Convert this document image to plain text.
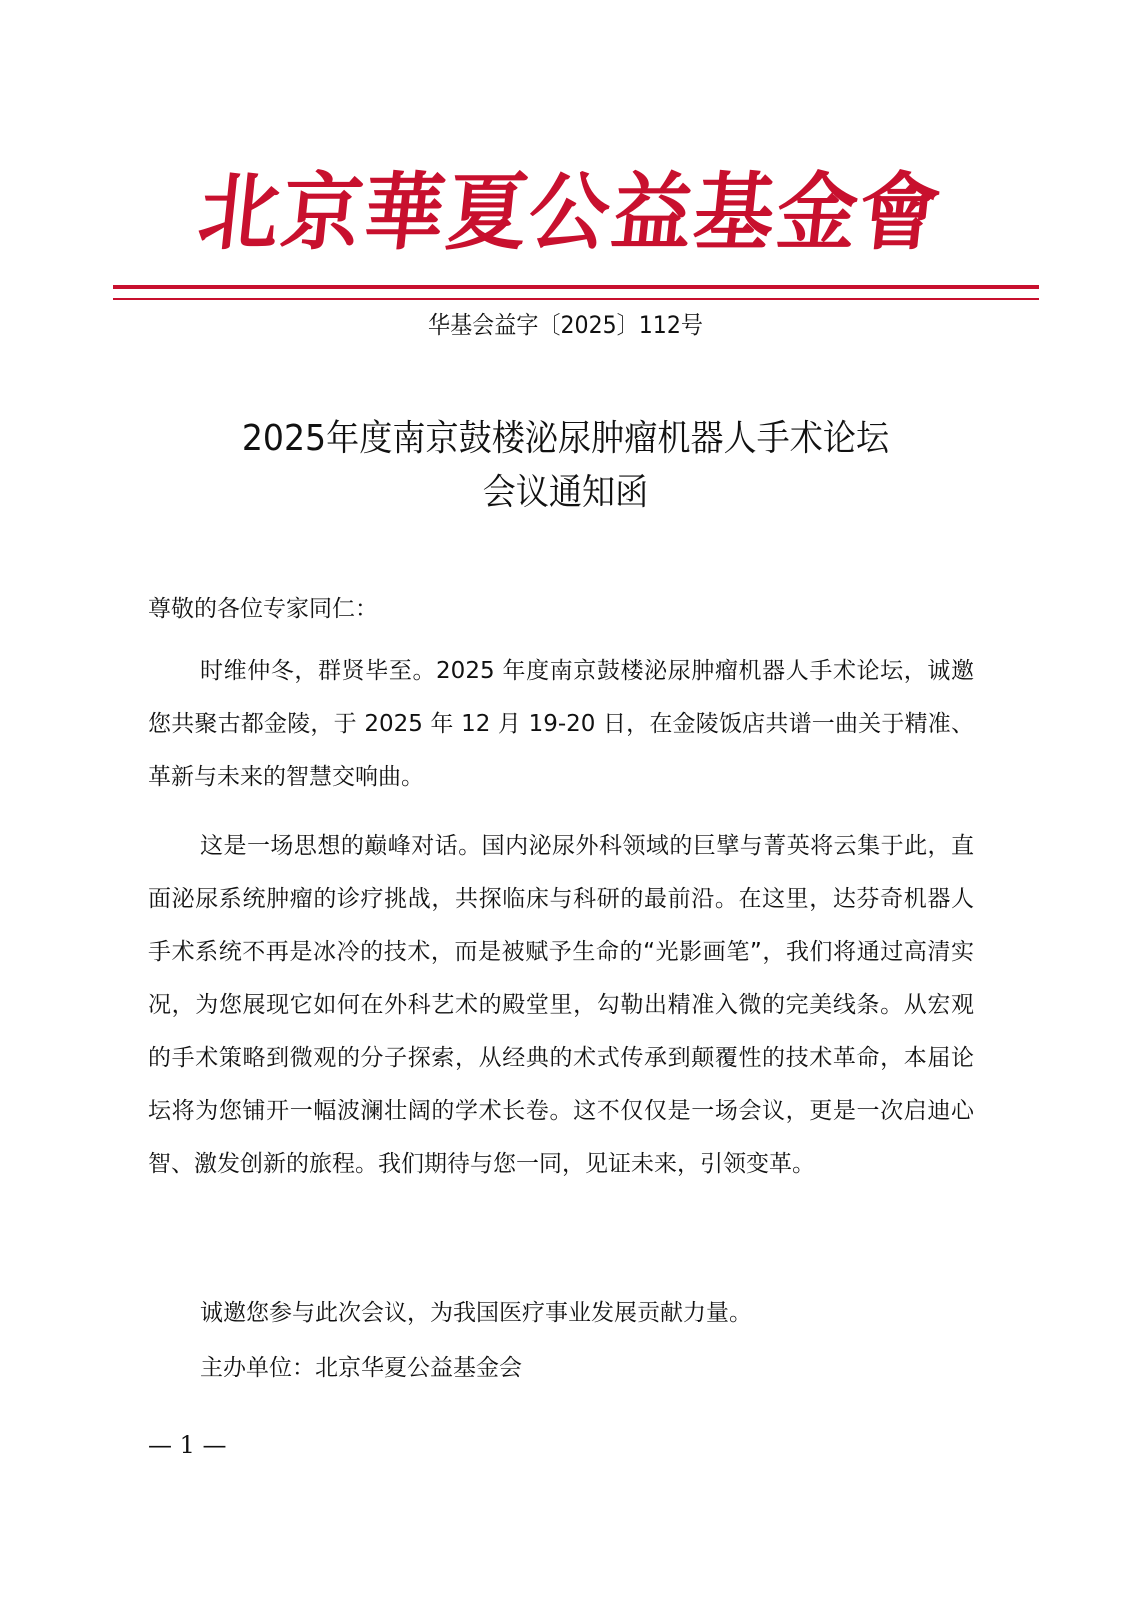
北
京
華
夏
公
益
基
金
會
华基会益字〔2025〕112号
2025年度南京鼓楼泌尿肿瘤机器人手术论坛
会议通知函
尊敬的各位专家同仁：
时维仲冬，群贤毕至。2025 年度南京鼓楼泌尿肿瘤机器人手术论坛，诚邀您共聚古都金陵，于 2025 年 12 月 19-20 日，在金陵饭店共谱一曲关于精准、革新与未来的智慧交响曲。
这是一场思想的巅峰对话。国内泌尿外科领域的巨擘与菁英将云集于此，直面泌尿系统肿瘤的诊疗挑战，共探临床与科研的最前沿。在这里，达芬奇机器人手术系统不再是冰冷的技术，而是被赋予生命的“光影画笔”，我们将通过高清实况，为您展现它如何在外科艺术的殿堂里，勾勒出精准入微的完美线条。从宏观的手术策略到微观的分子探索，从经典的术式传承到颠覆性的技术革命，本届论坛将为您铺开一幅波澜壮阔的学术长卷。这不仅仅是一场会议，更是一次启迪心智、激发创新的旅程。我们期待与您一同，见证未来，引领变革。
诚邀您参与此次会议，为我国医疗事业发展贡献力量。
主办单位：北京华夏公益基金会
— 1 —
